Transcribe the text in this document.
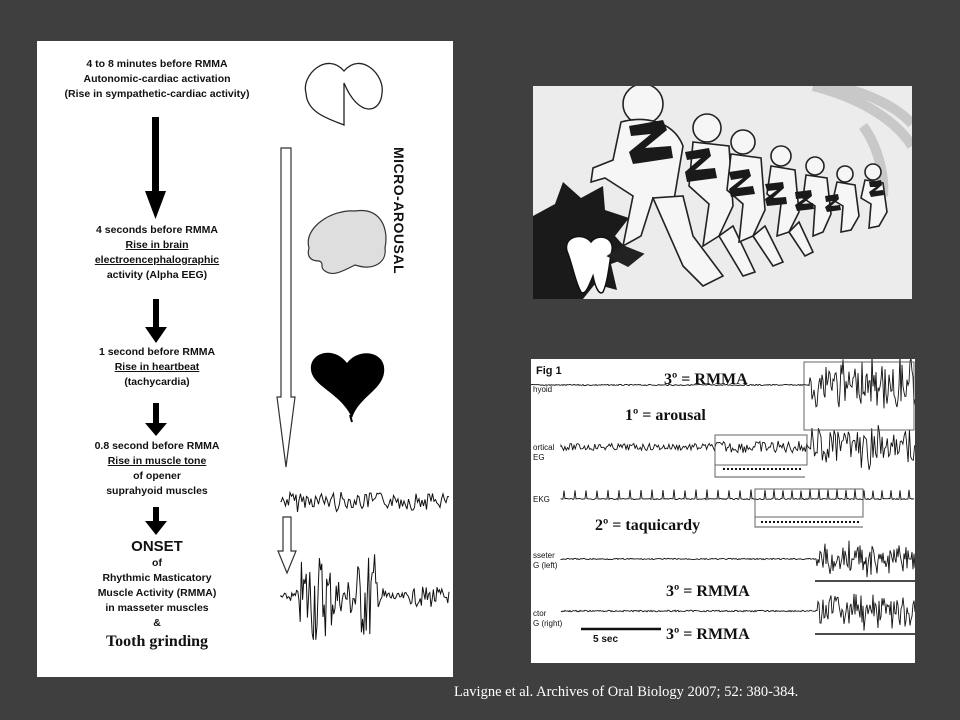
4 to 8 minutes before RMMA
Autonomic-cardiac activation
(Rise in sympathetic-cardiac activity)
4 seconds before RMMA
Rise in brain
electroencephalographic
activity (Alpha EEG)
1 second before RMMA
Rise in heartbeat
(tachycardia)
0.8 second before RMMA
Rise in muscle tone
of opener
suprahyoid muscles
ONSET
of
Rhythmic Masticatory
Muscle Activity (RMMA)
in masseter muscles
&
Tooth grinding
MICRO-AROUSAL
Fig 1
hyoid
ortical
EG
EKG
sseter
G (left)
ctor
G (right)
3º = RMMA
1º = arousal
2º = taquicardy
3º = RMMA
3º = RMMA
5 sec
Lavigne et al. Archives of Oral Biology 2007; 52: 380-384.
